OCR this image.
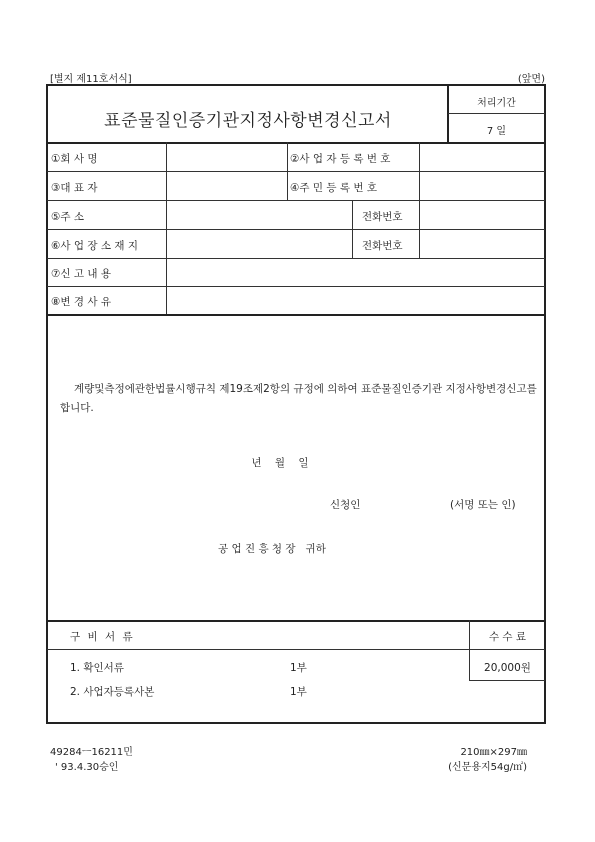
[별지 제11호서식]	(앞면)
표준물질인증기관지정사항변경신고서
처리기간
7 일
①회 사 명	②사 업 자 등 록 번 호
③대 표 자	④주 민 등 록 번 호
⑤주 소	전화번호
⑥사 업 장 소 재 지	전화번호
⑦신 고 내 용
⑧변 경 사 유
계량및측정에관한법률시행규칙 제19조제2항의 규정에 의하여 표준물질인증기관 지정사항변경신고를 합니다.
년    월    일
신청인	(서명 또는 인)
공 업 진 흥 청 장   귀하
구 비 서 류	수 수 료
1. 확인서류	1부	20,000원
2. 사업자등록사본	1부
49284ㅡ16211민
' 93.4.30승인
210㎜×297㎜
(신문용지54g/㎡)
